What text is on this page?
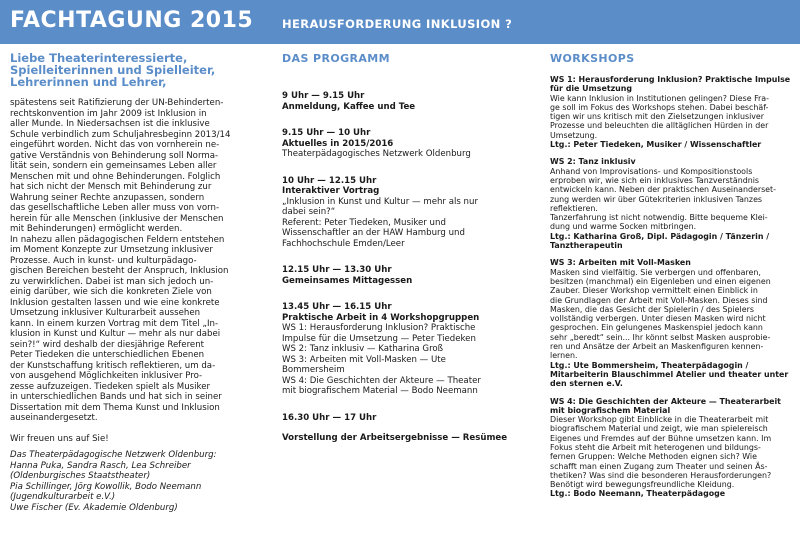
FACHTAGUNG 2015	HERAUSFORDERUNG INKLUSION ?
Liebe Theaterinteressierte,
Spielleiterinnen und Spielleiter,
Lehrerinnen und Lehrer,
spätestens seit Ratifizierung der UN-Behinderten-
rechtskonvention im Jahr 2009 ist Inklusion in
aller Munde. In Niedersachsen ist die inklusive
Schule verbindlich zum Schuljahresbeginn 2013/14
eingeführt worden. Nicht das von vornherein ne-
gative Verständnis von Behinderung soll Norma-
lität sein, sondern ein gemeinsames Leben aller
Menschen mit und ohne Behinderungen. Folglich
hat sich nicht der Mensch mit Behinderung zur
Wahrung seiner Rechte anzupassen, sondern
das gesellschaftliche Leben aller muss von vorn-
herein für alle Menschen (inklusive der Menschen
mit Behinderungen) ermöglicht werden.
In nahezu allen pädagogischen Feldern entstehen
im Moment Konzepte zur Umsetzung inklusiver
Prozesse. Auch in kunst- und kulturpädago-
gischen Bereichen besteht der Anspruch, Inklusion
zu verwirklichen. Dabei ist man sich jedoch un-
einig darüber, wie sich die konkreten Ziele von
Inklusion gestalten lassen und wie eine konkrete
Umsetzung inklusiver Kulturarbeit aussehen
kann. In einem kurzen Vortrag mit dem Titel „In-
klusion in Kunst und Kultur — mehr als nur dabei
sein?!“ wird deshalb der diesjährige Referent
Peter Tiedeken die unterschiedlichen Ebenen
der Kunstschaffung kritisch reflektieren, um da-
von ausgehend Möglichkeiten inklusiver Pro-
zesse aufzuzeigen. Tiedeken spielt als Musiker
in unterschiedlichen Bands und hat sich in seiner
Dissertation mit dem Thema Kunst und Inklusion
auseinandergesetzt.
Wir freuen uns auf Sie!
Das Theaterpädagogische Netzwerk Oldenburg:
Hanna Puka, Sandra Rasch, Lea Schreiber
(Oldenburgisches Staatstheater)
Pia Schillinger, Jörg Kowollik, Bodo Neemann
(Jugendkulturarbeit e.V.)
Uwe Fischer (Ev. Akademie Oldenburg)
DAS PROGRAMM
9 Uhr — 9.15 Uhr
Anmeldung, Kaffee und Tee
9.15 Uhr — 10 Uhr
Aktuelles in 2015/2016
Theaterpädagogisches Netzwerk Oldenburg
10 Uhr — 12.15 Uhr
Interaktiver Vortrag
„Inklusion in Kunst und Kultur — mehr als nur
dabei sein?“
Referent: Peter Tiedeken, Musiker und
Wissenschaftler an der HAW Hamburg und
Fachhochschule Emden/Leer
12.15 Uhr — 13.30 Uhr
Gemeinsames Mittagessen
13.45 Uhr — 16.15 Uhr
Praktische Arbeit in 4 Workshopgruppen
WS 1: Herausforderung Inklusion? Praktische
Impulse für die Umsetzung — Peter Tiedeken
WS 2: Tanz inklusiv — Katharina Groß
WS 3: Arbeiten mit Voll-Masken — Ute
Bommersheim
WS 4: Die Geschichten der Akteure — Theater
mit biografischem Material — Bodo Neemann
16.30 Uhr — 17 Uhr
Vorstellung der Arbeitsergebnisse — Resümee
WORKSHOPS
WS 1: Herausforderung Inklusion? Praktische Impulse
für die Umsetzung
Wie kann Inklusion in Institutionen gelingen? Diese Fra-
ge soll im Fokus des Workshops stehen. Dabei beschäf-
tigen wir uns kritisch mit den Zielsetzungen inklusiver
Prozesse und beleuchten die alltäglichen Hürden in der
Umsetzung.
Ltg.: Peter Tiedeken, Musiker / Wissenschaftler
WS 2: Tanz inklusiv
Anhand von Improvisations- und Kompositionstools
erproben wir, wie sich ein inklusives Tanzverständnis
entwickeln kann. Neben der praktischen Auseinanderset-
zung werden wir über Gütekriterien inklusiven Tanzes
reflektieren.
Tanzerfahrung ist nicht notwendig. Bitte bequeme Klei-
dung und warme Socken mitbringen.
Ltg.: Katharina Groß, Dipl. Pädagogin / Tänzerin / Tanztherapeutin
WS 3: Arbeiten mit Voll-Masken
Masken sind vielfältig. Sie verbergen und offenbaren,
besitzen (manchmal) ein Eigenleben und einen eigenen
Zauber. Dieser Workshop vermittelt einen Einblick in
die Grundlagen der Arbeit mit Voll-Masken. Dieses sind
Masken, die das Gesicht der Spielerin / des Spielers
vollständig verbergen. Unter diesen Masken wird nicht
gesprochen. Ein gelungenes Maskenspiel jedoch kann
sehr „beredt“ sein... Ihr könnt selbst Masken ausprobie-
ren und Ansätze der Arbeit an Maskenfiguren kennen-
lernen.
Ltg.: Ute Bommersheim, Theaterpädagogin / Mitarbeiterin Blauschimmel Atelier und theater unter den sternen e.V.
WS 4: Die Geschichten der Akteure — Theaterarbeit
mit biografischem Material
Dieser Workshop gibt Einblicke in die Theaterarbeit mit
biografischem Material und zeigt, wie man spielereisch
Eigenes und Fremdes auf der Bühne umsetzen kann. Im
Fokus steht die Arbeit mit heterogenen und bildungs-
fernen Gruppen: Welche Methoden eignen sich? Wie
schafft man einen Zugang zum Theater und seinen Äs-
thetiken? Was sind die besonderen Herausforderungen?
Benötigt wird bewegungsfreundliche Kleidung.
Ltg.: Bodo Neemann, Theaterpädagoge
